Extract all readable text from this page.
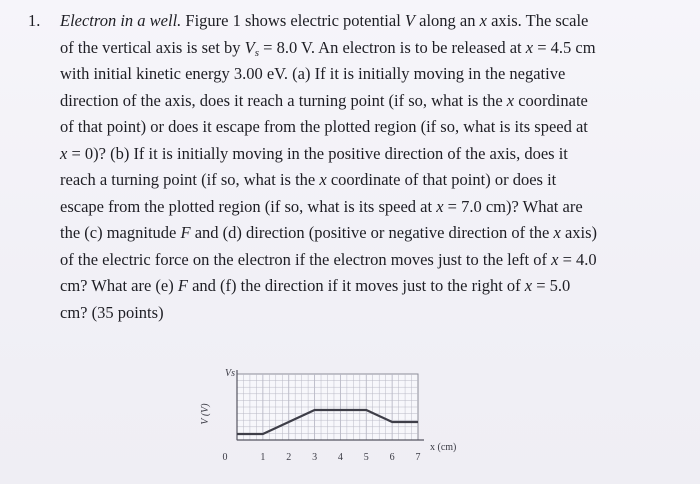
1. Electron in a well. Figure 1 shows electric potential V along an x axis. The scale
of the vertical axis is set by $V_s = 8.0$ V. An electron is to be released at x = 4.5 cm
with initial kinetic energy 3.00 eV. (a) If it is initially moving in the negative
direction of the axis, does it reach a turning point (if so, what is the x coordinate
of that point) or does it escape from the plotted region (if so, what is its speed at
x = 0)? (b) If it is initially moving in the positive direction of the axis, does it
reach a turning point (if so, what is the x coordinate of that point) or does it
escape from the plotted region (if so, what is its speed at x = 7.0 cm)? What are
the (c) magnitude F and (d) direction (positive or negative direction of the x axis)
of the electric force on the electron if the electron moves just to the left of x = 4.0
cm? What are (e) F and (f) the direction if it moves just to the right of x = 5.0
cm? (35 points)
0	1 2 3 4 5 6 7
Vs
V (V)
x (cm)
